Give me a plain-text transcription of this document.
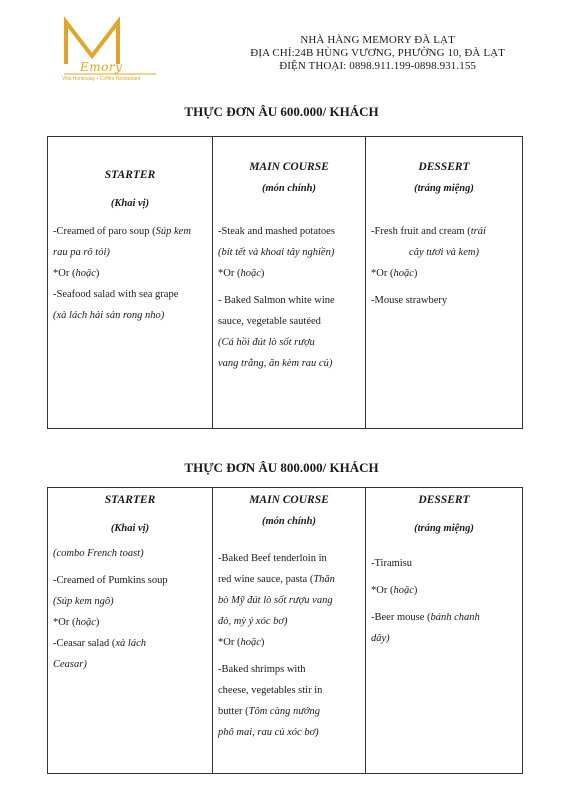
Emory
Villa Homestay • Coffee Restaurant
NHÀ HÀNG MEMORY ĐÀ LẠT
ĐỊA CHỈ:24B HÙNG VƯƠNG, PHƯỜNG 10, ĐÀ LẠT
ĐIỆN THOẠI: 0898.911.199-0898.931.155
THỰC ĐƠN ÂU 600.000/ KHÁCH
STARTER
(Khai vị)
-Creamed of paro soup (Súp kem rau pa rô tỏi)
*Or (hoặc)
-Seafood salad with sea grape
(xà lách hải sản rong nho)

MAIN COURSE
(món chính)
-Steak and mashed potatoes
(bít tết và khoai tây nghiền)
*Or (hoặc)
- Baked Salmon white wine
sauce, vegetable sautéed
(Cá hồi đút lò sốt rượu
vang trắng, ăn kèm rau củ)

DESSERT
(tráng miệng)
-Fresh fruit and cream (trái
cây tươi và kem)
*Or (hoặc)
-Mouse strawbery
THỰC ĐƠN ÂU 800.000/ KHÁCH
STARTER
(Khai vị)
(combo French toast)
-Creamed of Pumkins soup
(Súp kem ngô)
*Or (hoặc)
-Ceasar salad (xà lách
Ceasar)

MAIN COURSE
(món chính)
-Baked Beef tenderloin in
red wine sauce, pasta (Thăn
bò Mỹ đút lò sốt rượu vang
đỏ, mỳ ý xóc bơ)
*Or (hoặc)
-Baked shrimps with
cheese, vegetables stir in
butter (Tôm càng nướng
phô mai, rau củ xóc bơ)

DESSERT
(tráng miệng)
-Tiramisu
*Or (hoặc)
-Beer mouse (bánh chanh
dây)
